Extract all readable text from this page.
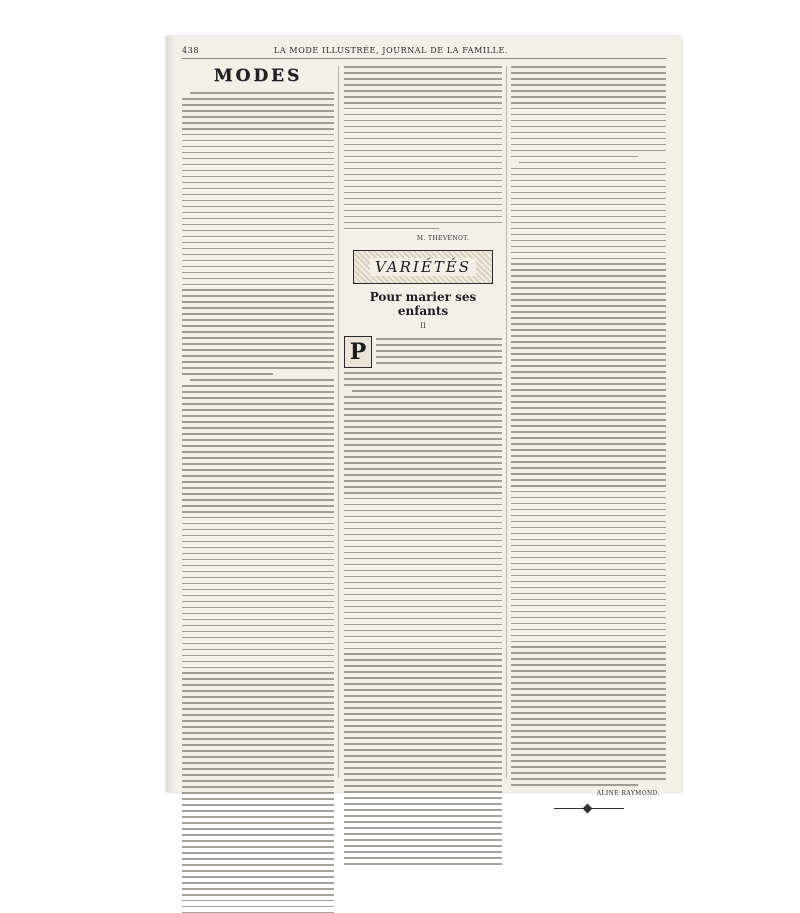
438	LA MODE ILLUSTRÉE, JOURNAL DE LA FAMILLE.
MODES
M. THEVENOT.
VARIÉTÉS
Pour marier ses enfants
II
P
ALINE RAYMOND.
